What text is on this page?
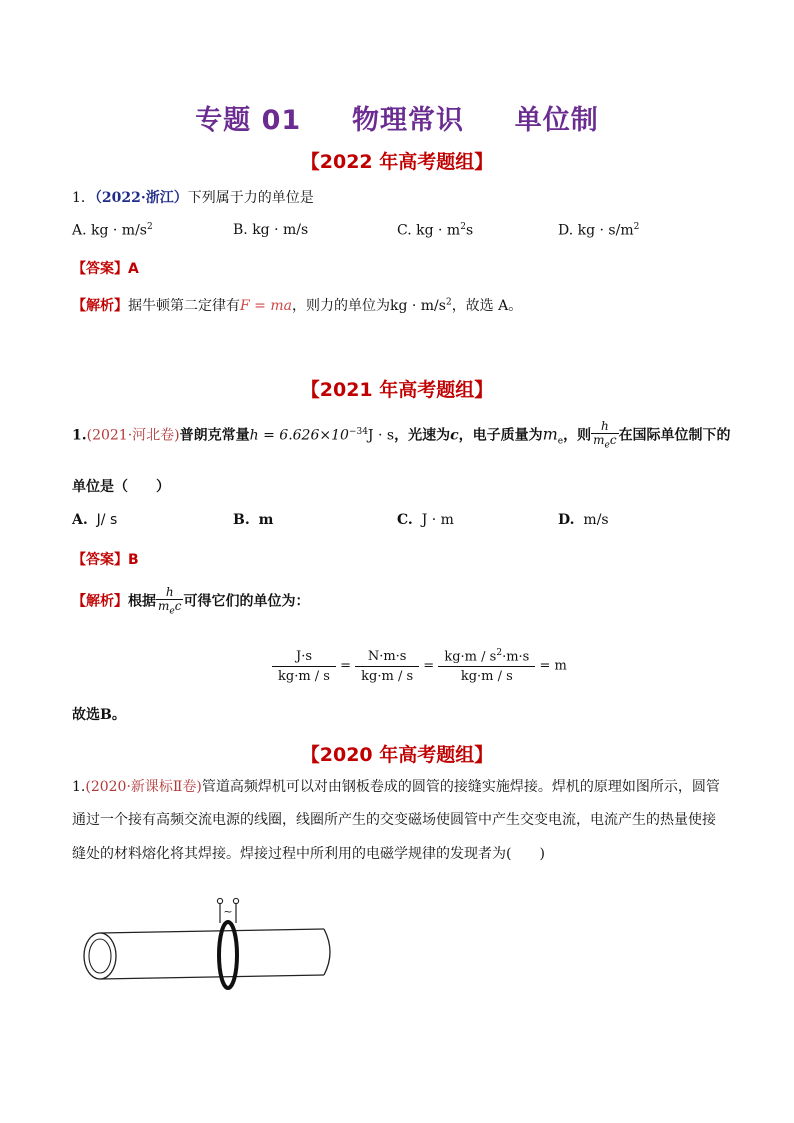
专题 01 物理常识 单位制
【2022 年高考题组】
1．（2022·浙江）下列属于力的单位是
A. kg · $m/s^2$	B. kg · m/s	C. kg · $m^2s$	D. kg · $s/m^2$
【答案】A
【解析】据牛顿第二定律有F = ma，则力的单位为kg · $m/s^2$，故选 A。
【2021 年高考题组】
1.(2021·河北卷)普朗克常量$h = 6.626\times 10^{-34}J \cdot s$，光速为c，电子质量为$m_e$，则 $\frac{h}{m_ec}$ 在国际单位制下的
单位是（　　）
A. J/ s	B. m	C. J · m	D. m/s
【答案】B
【解析】根据 $\frac{h}{m_ec}$ 可得它们的单位为：
$\frac{J\cdot s}{kg\cdot m / s} = \frac{N\cdot m\cdot s}{kg\cdot m / s} = \frac{kg\cdot m / s^2\cdot m\cdot s}{kg\cdot m / s} = m$
故选B。
【2020 年高考题组】
1.(2020·新课标Ⅱ卷)管道高频焊机可以对由钢板卷成的圆管的接缝实施焊接。焊机的原理如图所示，圆管
通过一个接有高频交流电源的线圈，线圈所产生的交变磁场使圆管中产生交变电流，电流产生的热量使接
缝处的材料熔化将其焊接。焊接过程中所利用的电磁学规律的发现者为(　　)
~
